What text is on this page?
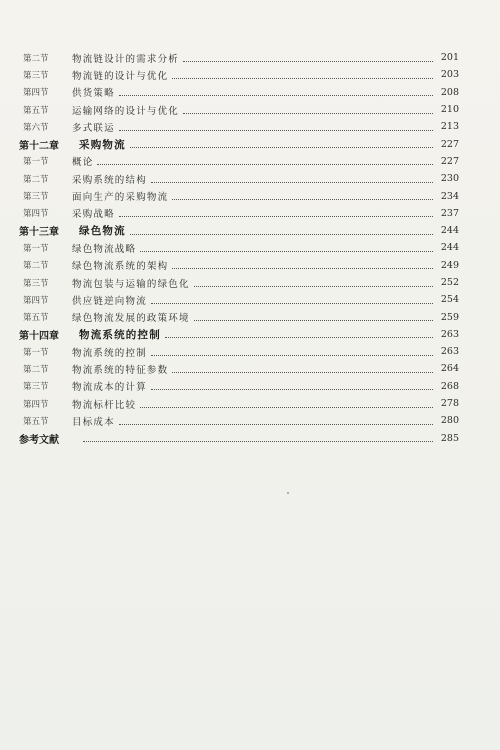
第二节	物流链设计的需求分析	201
第三节	物流链的设计与优化	203
第四节	供货策略	208
第五节	运输网络的设计与优化	210
第六节	多式联运	213
第十二章	采购物流	227
第一节	概论	227
第二节	采购系统的结构	230
第三节	面向生产的采购物流	234
第四节	采购战略	237
第十三章	绿色物流	244
第一节	绿色物流战略	244
第二节	绿色物流系统的架构	249
第三节	物流包装与运输的绿色化	252
第四节	供应链逆向物流	254
第五节	绿色物流发展的政策环境	259
第十四章	物流系统的控制	263
第一节	物流系统的控制	263
第二节	物流系统的特征参数	264
第三节	物流成本的计算	268
第四节	物流标杆比较	278
第五节	目标成本	280
参考文献	285
